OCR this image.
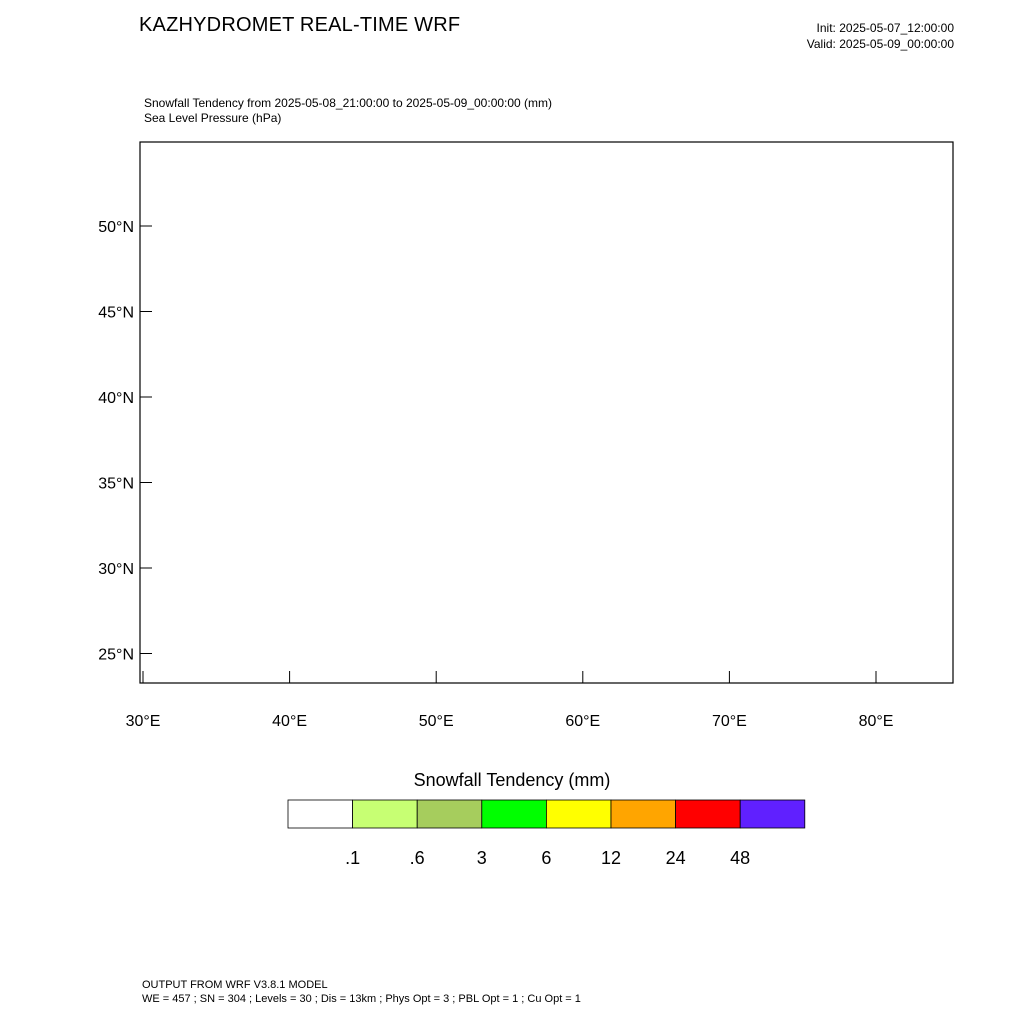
KAZHYDROMET REAL-TIME WRF	Init: 2025-05-07_12:00:00
Valid: 2025-05-09_00:00:00
Snowfall Tendency from 2025-05-08_21:00:00 to 2025-05-09_00:00:00 (mm)
Sea Level Pressure (hPa)
50°N
45°N
40°N
35°N
30°N
25°N
30°E	40°E	50°E	60°E	70°E	80°E
Snowfall Tendency (mm)
.1	.6	3	6	12 24 48
OUTPUT FROM WRF V3.8.1 MODEL
WE = 457 ; SN = 304 ; Levels = 30 ; Dis = 13km ; Phys Opt = 3 ; PBL Opt = 1 ; Cu Opt = 1
